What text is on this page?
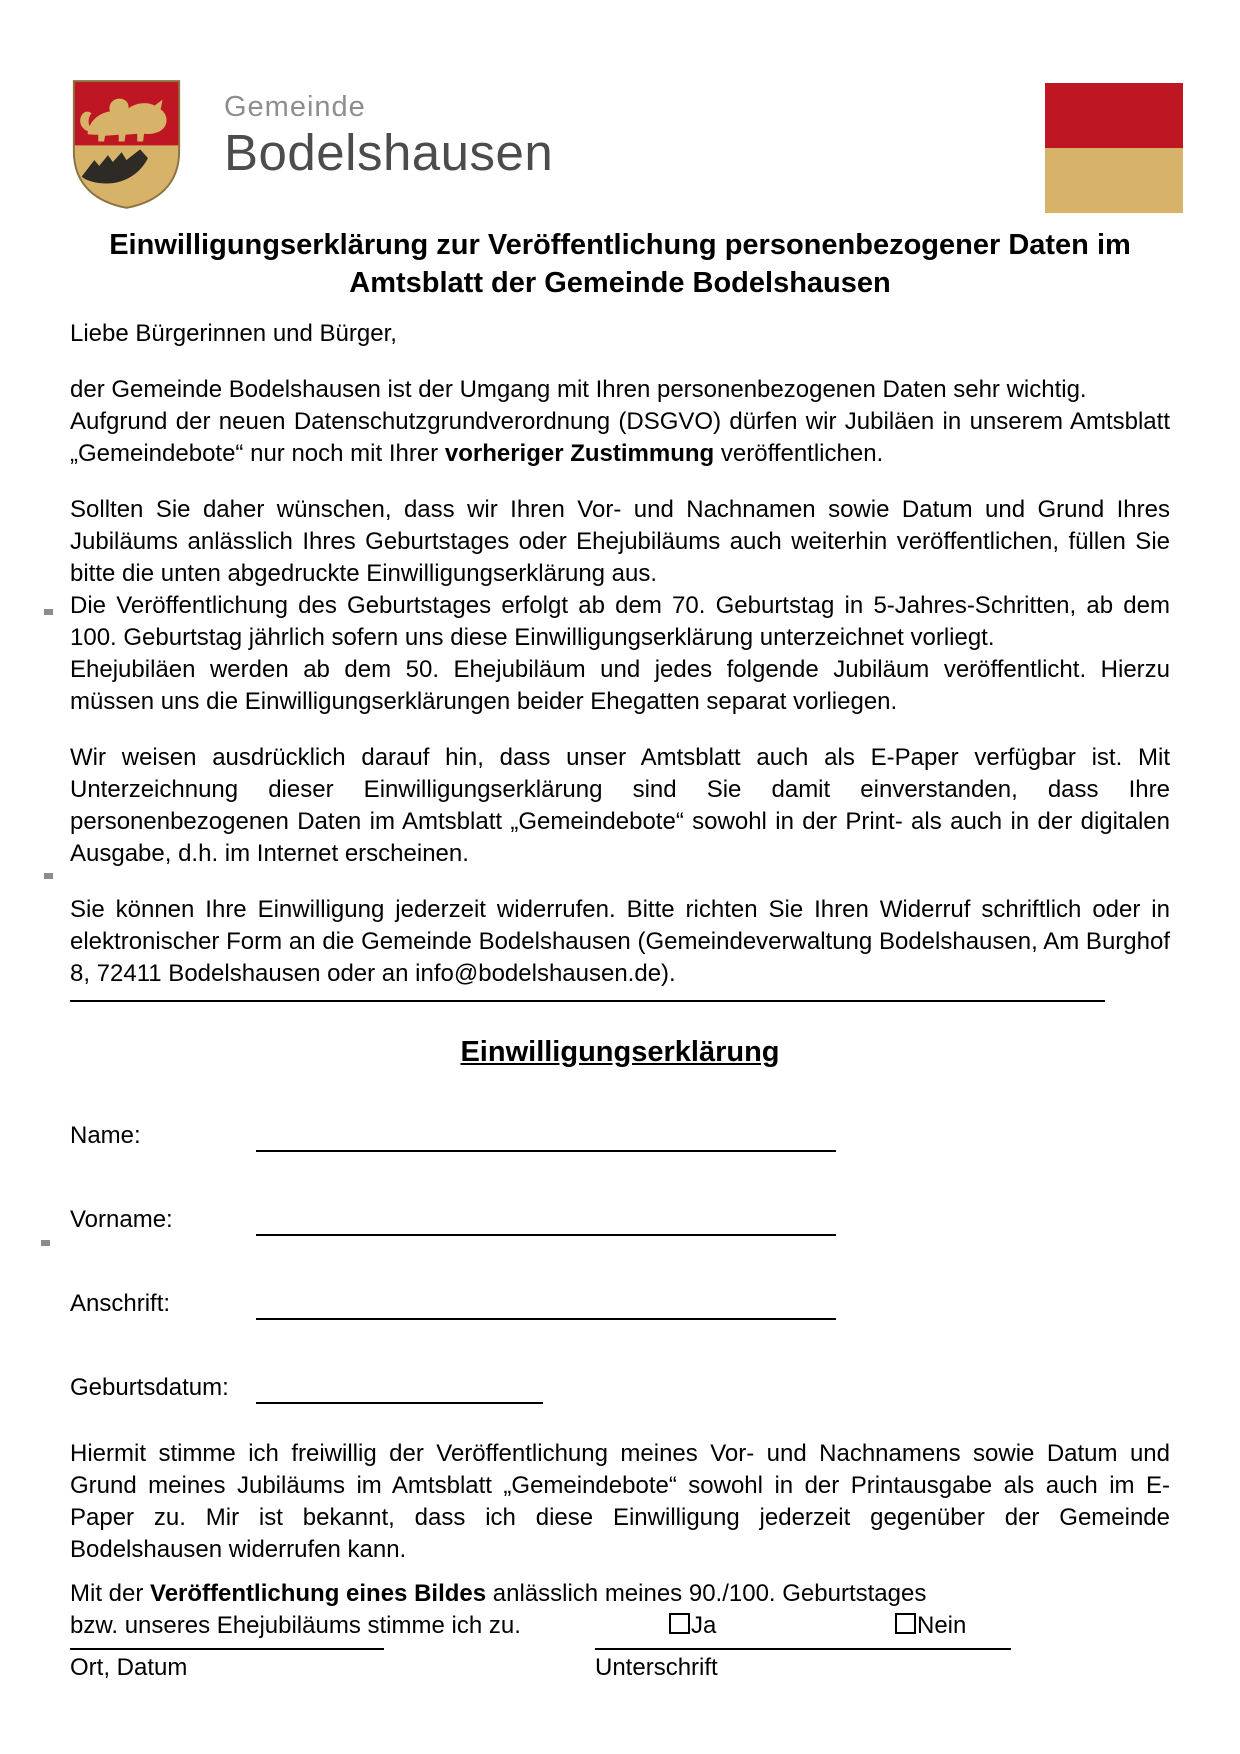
Gemeinde
Bodelshausen
Einwilligungserklärung zur Veröffentlichung personenbezogener Daten im
Amtsblatt der Gemeinde Bodelshausen
Liebe Bürgerinnen und Bürger,
der Gemeinde Bodelshausen ist der Umgang mit Ihren personenbezogenen Daten sehr wichtig.
Aufgrund der neuen Datenschutzgrundverordnung (DSGVO) dürfen wir Jubiläen in unserem Amtsblatt „Gemeindebote“ nur noch mit Ihrer vorheriger Zustimmung veröffentlichen.
Sollten Sie daher wünschen, dass wir Ihren Vor- und Nachnamen sowie Datum und Grund Ihres Jubiläums anlässlich Ihres Geburtstages oder Ehejubiläums auch weiterhin veröffentlichen, füllen Sie bitte die unten abgedruckte Einwilligungserklärung aus.
Die Veröffentlichung des Geburtstages erfolgt ab dem 70. Geburtstag in 5-Jahres-Schritten, ab dem 100. Geburtstag jährlich sofern uns diese Einwilligungserklärung unterzeichnet vorliegt.
Ehejubiläen werden ab dem 50. Ehejubiläum und jedes folgende Jubiläum veröffentlicht. Hierzu müssen uns die Einwilligungserklärungen beider Ehegatten separat vorliegen.
Wir weisen ausdrücklich darauf hin, dass unser Amtsblatt auch als E-Paper verfügbar ist. Mit Unterzeichnung dieser Einwilligungserklärung sind Sie damit einverstanden, dass Ihre personenbezogenen Daten im Amtsblatt „Gemeindebote“ sowohl in der Print- als auch in der digitalen Ausgabe, d.h. im Internet erscheinen.
Sie können Ihre Einwilligung jederzeit widerrufen. Bitte richten Sie Ihren Widerruf schriftlich oder in elektronischer Form an die Gemeinde Bodelshausen (Gemeindeverwaltung Bodelshausen, Am Burghof 8, 72411 Bodelshausen oder an info@bodelshausen.de).
Einwilligungserklärung
Name:
Vorname:
Anschrift:
Geburtsdatum:
Hiermit stimme ich freiwillig der Veröffentlichung meines Vor- und Nachnamens sowie Datum und Grund meines Jubiläums im Amtsblatt „Gemeindebote“ sowohl in der Printausgabe als auch im E-Paper zu. Mir ist bekannt, dass ich diese Einwilligung jederzeit gegenüber der Gemeinde Bodelshausen widerrufen kann.
Mit der Veröffentlichung eines Bildes anlässlich meines 90./100. Geburtstages
bzw. unseres Ehejubiläums stimme ich zu.	Ja	Nein
Ort, Datum	Unterschrift
